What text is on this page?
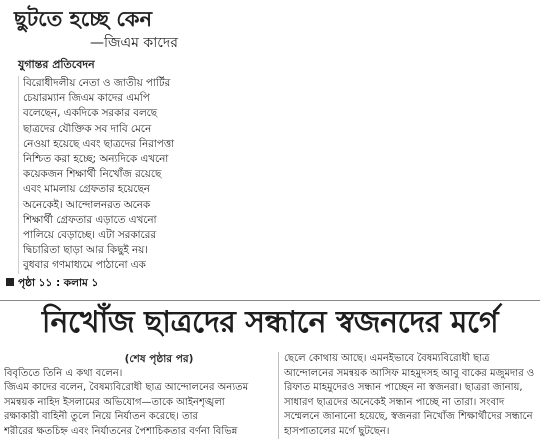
ছুটতে হচ্ছে কেন
—জিএম কাদের
যুগান্তর প্রতিবেদন
বিরোধীদলীয় নেতা ও জাতীয় পার্টির
চেয়ারম্যান জিএম কাদের এমপি
বলেছেন, একদিকে সরকার বলছে
ছাত্রদের যৌক্তিক সব দাবি মেনে
নেওয়া হয়েছে এবং ছাত্রদের নিরাপত্তা
নিশ্চিত করা হচ্ছে; অন্যদিকে এখনো
কয়েকজন শিক্ষার্থী নিখোঁজ রয়েছে
এবং মামলায় গ্রেফতার হয়েছেন
অনেকেই। আন্দোলনরত অনেক
শিক্ষার্থী গ্রেফতার এড়াতে এখনো
পালিয়ে বেড়াচ্ছে। এটা সরকারের
দ্বিচারিতা ছাড়া আর কিছুই নয়।
বুধবার গণমাধ্যমে পাঠানো এক
পৃষ্ঠা ১১ : কলাম ১
নিখোঁজ ছাত্রদের সন্ধানে স্বজনদের মর্গে
(শেষ পৃষ্ঠার পর)
বিবৃতিতে তিনি এ কথা বলেন।
জিএম কাদের বলেন, বৈষম্যবিরোধী ছাত্র আন্দোলনের অন্যতম
সমন্বয়ক নাহিদ ইসলামের অভিযোগ—তাকে আইনশৃঙ্খলা
রক্ষাকারী বাহিনী তুলে নিয়ে নির্যাতন করেছে। তার
শরীরের ক্ষতচিহ্ন এবং নির্যাতনের পৈশাচিকতার বর্ণনা বিভিন্ন
ছেলে কোথায় আছে। এমনইভাবে বৈষম্যবিরোধী ছাত্র
আন্দোলনের সমন্বয়ক আসিফ মাহমুদসহ আবু বাকের মজুমদার ও
রিফাত মাহমুদেরও সন্ধান পাচ্ছেন না স্বজনরা। ছাত্ররা জানায়,
সাধারণ ছাত্রদের অনেকেই সন্ধান পাচ্ছে না তারা। সংবাদ
সম্মেলনে জানানো হয়েছে, স্বজনরা নিখোঁজ শিক্ষার্থীদের সন্ধানে
হাসপাতালের মর্গে ছুটছেন।
